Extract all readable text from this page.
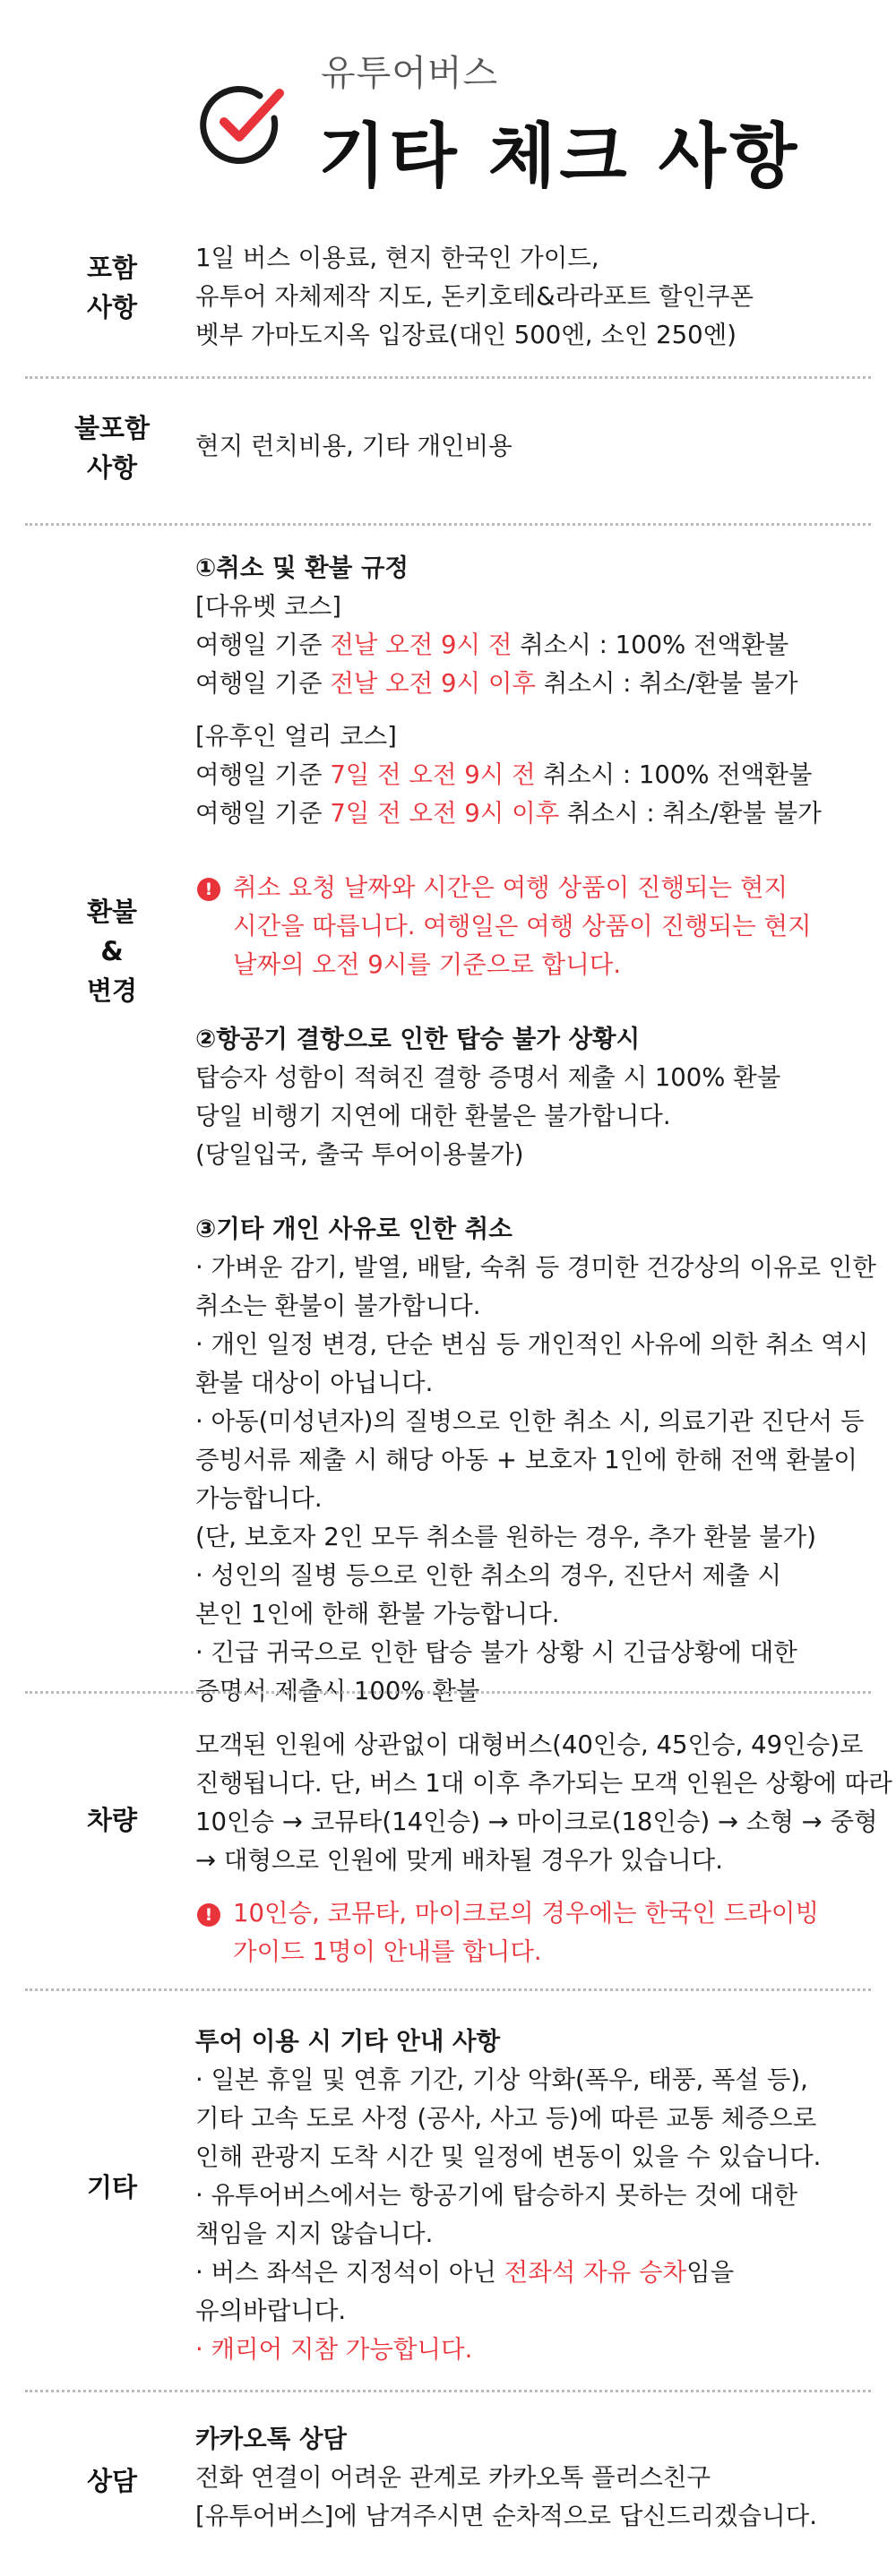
유투어버스
기타 체크 사항
포함
사항
1일 버스 이용료, 현지 한국인 가이드,
유투어 자체제작 지도, 돈키호테&라라포트 할인쿠폰
벳부 가마도지옥 입장료(대인 500엔, 소인 250엔)
불포함
사항
현지 런치비용, 기타 개인비용
환불
&
변경
①취소 및 환불 규정
[다유벳 코스]
여행일 기준 전날 오전 9시 전 취소시 : 100% 전액환불
여행일 기준 전날 오전 9시 이후 취소시 : 취소/환불 불가
[유후인 얼리 코스]
여행일 기준 7일 전 오전 9시 전 취소시 : 100% 전액환불
여행일 기준 7일 전 오전 9시 이후 취소시 : 취소/환불 불가
! 취소 요청 날짜와 시간은 여행 상품이 진행되는 현지
시간을 따릅니다. 여행일은 여행 상품이 진행되는 현지
날짜의 오전 9시를 기준으로 합니다.
②항공기 결항으로 인한 탑승 불가 상황시
탑승자 성함이 적혀진 결항 증명서 제출 시 100% 환불
당일 비행기 지연에 대한 환불은 불가합니다.
(당일입국, 출국 투어이용불가)
③기타 개인 사유로 인한 취소
· 가벼운 감기, 발열, 배탈, 숙취 등 경미한 건강상의 이유로 인한
취소는 환불이 불가합니다.
· 개인 일정 변경, 단순 변심 등 개인적인 사유에 의한 취소 역시
환불 대상이 아닙니다.
· 아동(미성년자)의 질병으로 인한 취소 시, 의료기관 진단서 등
증빙서류 제출 시 해당 아동 + 보호자 1인에 한해 전액 환불이
가능합니다.
(단, 보호자 2인 모두 취소를 원하는 경우, 추가 환불 불가)
· 성인의 질병 등으로 인한 취소의 경우, 진단서 제출 시
본인 1인에 한해 환불 가능합니다.
· 긴급 귀국으로 인한 탑승 불가 상황 시 긴급상황에 대한
증명서 제출시 100% 환불
차량
모객된 인원에 상관없이 대형버스(40인승, 45인승, 49인승)로
진행됩니다. 단, 버스 1대 이후 추가되는 모객 인원은 상황에 따라
10인승 → 코뮤타(14인승) → 마이크로(18인승) → 소형 → 중형
→ 대형으로 인원에 맞게 배차될 경우가 있습니다.
! 10인승, 코뮤타, 마이크로의 경우에는 한국인 드라이빙
가이드 1명이 안내를 합니다.
기타
투어 이용 시 기타 안내 사항
· 일본 휴일 및 연휴 기간, 기상 악화(폭우, 태풍, 폭설 등),
기타 고속 도로 사정 (공사, 사고 등)에 따른 교통 체증으로
인해 관광지 도착 시간 및 일정에 변동이 있을 수 있습니다.
· 유투어버스에서는 항공기에 탑승하지 못하는 것에 대한
책임을 지지 않습니다.
· 버스 좌석은 지정석이 아닌 전좌석 자유 승차임을
유의바랍니다.
· 캐리어 지참 가능합니다.
상담
카카오톡 상담
전화 연결이 어려운 관계로 카카오톡 플러스친구
[유투어버스]에 남겨주시면 순차적으로 답신드리겠습니다.
